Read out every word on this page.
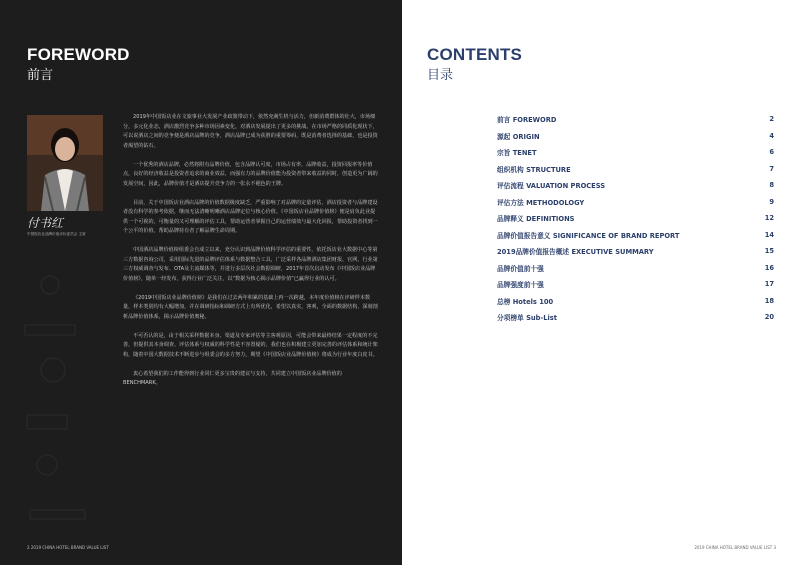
FOREWORD
前言
付书红
中国饭店业品牌价值评价委员会 主席

2019年中国饭店业在文旅事业大发展产业政策带动下，依然充满生机与活力，但新消费群体的壮大，市场细分，多元化业态，酒店激烈竞争多种市场因素变化，对酒店发展提出了更多的挑战。在市场严格的同质化现状下，可以说酒店之间的竞争便是酒店品牌的竞争，酒店品牌已成为获胜的重要筹码，既是消费者选择的基础，也是投资者渴望的钻石。

一个优秀的酒店品牌，必然将附有品牌价值，包含品牌认可度，市场占有率，品牌收益，投资回报率等价值点，良好的经济收益是投资者追求的商业效益，而强有力的品牌价值能为投资者带来收益的同时，创造更为广阔的发展空间，因此，品牌价值才是酒店提升竞争力的一张永不褪色的王牌。

目前，关于中国饭店业酒店品牌的价值数据极度缺乏，严重影响了对品牌的定量评估，酒店投资者与品牌建设者没有科学的参考依据，继而无法清晰明晰酒店品牌定位与核心价值。《中国饭店业品牌价值榜》便是肩负此业提供一个可视的，可衡量的又可理解的评估工具，帮助运营者掌握自己的运营绩效与最大化回报，帮助投资者找到一个公平的价值，帮助品牌持有者了解品牌生命周期。

中国酒店品牌价值榜组委会自成立以来，充分认识到品牌价值科学评估的重要性，依托饭店业大数据中心等第三方数据咨询公司，采用国际先进的品牌评估体系与数据整合工具，广泛采样各品牌酒店集团财报、官网、行业第三方权威调查与发布、OTA及主流媒体等，并进行多层次社会数据调研，2017年首次启动发布《中国饭店业品牌价值榜》，随单一经发布，获得行业广泛关注，以“数据为核心揭示品牌价值”已赢得行业的认可。

《2019中国饭店业品牌价值榜》是我们在过去两年积累的基础上再一次跨越，本年度价值榜在评研样本数量，样本类别均有大幅增加，并在调研指标和调研方式上有所优化，希望以真实，客观，全面的数据结构，深刻剖析品牌价值体系，揭示品牌价值奥秘。

不可否认的是，由于相关采样数据本身、渠道及专家评估等主客观原因，可能会带来最终结果一定程度的不完善，但提供其本身调查、评估体系与权威的科学性是不容置疑的，我们也在积极建立更加完善的评估体系和统计架构，随着中国大数据技术不断进步与组委会的多方努力，期望《中国饭店业品牌价值榜》将成为行业年度白皮书。

衷心希望我们的工作能得到行业同仁更多宝贵的建议与支持，共同建立中国饭店业品牌价值的BENCHMARK。

2 2019 CHINA HOTEL BRAND VALUE LIST
CONTENTS
目录
前言 FOREWORD	2
源起 ORIGIN	4
宗旨 TENET	6
组织机构 STRUCTURE	7
评估流程 VALUATION PROCESS	8
评估方法 METHODOLOGY	9
品牌释义 DEFINITIONS	12
品牌价值报告意义 SIGNIFICANCE OF BRAND REPORT	14
2019品牌价值报告概述 EXECUTIVE SUMMARY	15
品牌价值前十强	16
品牌强度前十强	17
总榜 Hotels 100	18
分项榜单 Sub-List	20
2019 CHINA HOTEL BRAND VALUE LIST 3
